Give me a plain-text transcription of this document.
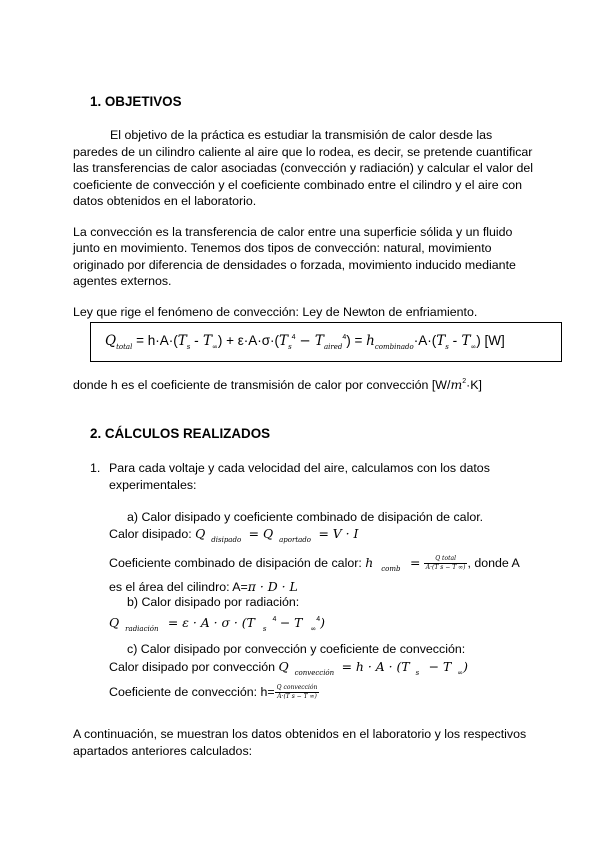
1. OBJETIVOS
El objetivo de la práctica es estudiar la transmisión de calor desde las
paredes de un cilindro caliente al aire que lo rodea, es decir, se pretende cuantificar
las transferencias de calor asociadas (convección y radiación) y calcular el valor del
coeficiente de convección y el coeficiente combinado entre el cilindro y el aire con
datos obtenidos en el laboratorio.
La convección es la transferencia de calor entre una superficie sólida y un fluido
junto en movimiento. Tenemos dos tipos de convección: natural, movimiento
originado por diferencia de densidades o forzada, movimiento inducido mediante
agentes externos.
Ley que rige el fenómeno de convección: Ley de Newton de enfriamiento.
$Q_{total} = h\cdot A\cdot(T_s - T_\infty) + \varepsilon\cdot A\cdot\sigma\cdot(T_s^4 - T_{aired}^4) = h_{combinado}\cdot A\cdot(T_s - T_\infty)$ [W]
donde h es el coeficiente de transmisión de calor por convección $[W/m^2\cdot K]$
2. CÁLCULOS REALIZADOS
1. Para cada voltaje y cada velocidad del aire, calculamos con los datos
experimentales:
a) Calor disipado y coeficiente combinado de disipación de calor.
Calor disipado: Q $_{disipado}$ = Q $_{aportado}$ = V · I
Coeficiente combinado de disipación de calor: h $_{comb} = \frac{\text{Q total}}{\text{A·(T s − T ∞)}}$ , donde A
es el área del cilindro: A=π · D · L
b) Calor disipado por radiación:
Q $_{radiación}$ = ε · A · σ · (T $_s^4$ − T $_\infty^4$)
c) Calor disipado por convección y coeficiente de convección:
Calor disipado por convección Q $_{convección}$ = h · A · (T $_s$ − T $_\infty$)
Coeficiente de convección: $h= \frac{\text{Q convección}}{\text{A·(T s − T ∞)}}$
A continuación, se muestran los datos obtenidos en el laboratorio y los respectivos
apartados anteriores calculados:
